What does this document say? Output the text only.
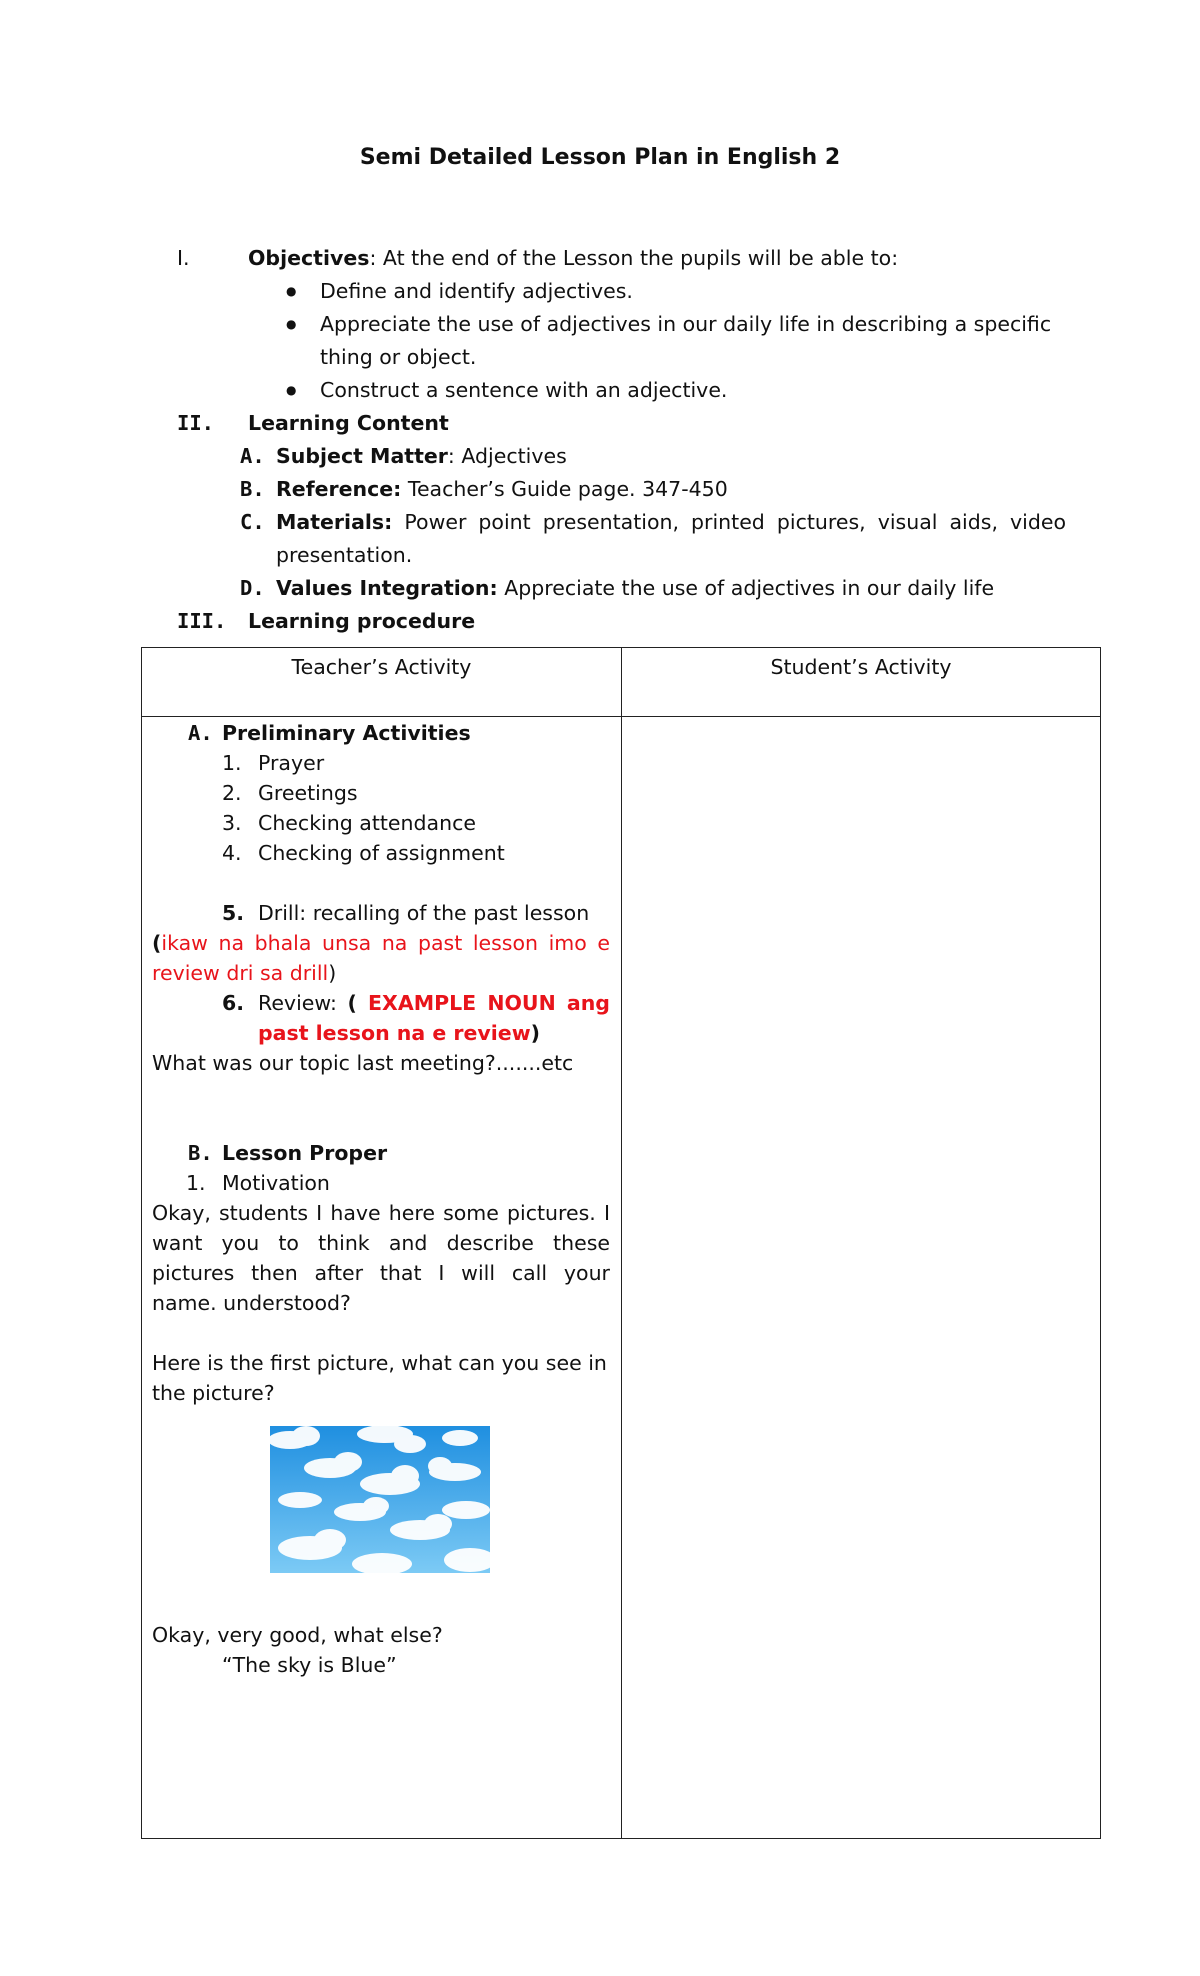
Semi Detailed Lesson Plan in English 2
I.	Objectives: At the end of the Lesson the pupils will be able to:
● Define and identify adjectives.
● Appreciate the use of adjectives in our daily life in describing a specific
thing or object.
● Construct a sentence with an adjective.
II. Learning Content
A. Subject Matter: Adjectives
B. Reference: Teacher’s Guide page. 347-450
C. Materials: Power point presentation, printed pictures, visual aids, video
presentation.
D. Values Integration: Appreciate the use of adjectives in our daily life
III. Learning procedure
Teacher’s Activity	Student’s Activity

A. Preliminary Activities
1. Prayer
2. Greetings
3. Checking attendance
4. Checking of assignment
5. Drill: recalling of the past lesson
(ikaw na bhala unsa na past lesson imo e
review dri sa drill)
6. Review: ( EXAMPLE NOUN ang
past lesson na e review)
What was our topic last meeting?.......etc
B. Lesson Proper
1. Motivation
Okay, students I have here some pictures. I
want you to think and describe these
pictures then after that I will call your
name. understood?
Here is the first picture, what can you see in
the picture?
Okay, very good, what else?
“The sky is Blue”
